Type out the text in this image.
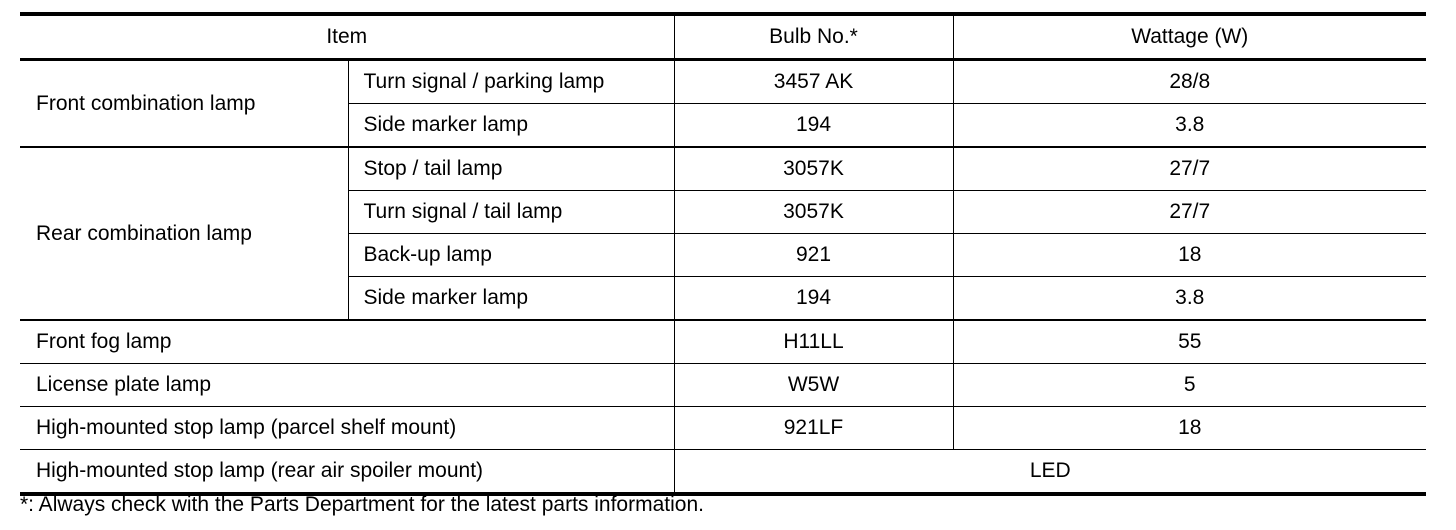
Item		Bulb No.*	Wattage (W)
Front combination lamp	Turn signal / parking lamp	3457 AK	28/8
	Side marker lamp	194	3.8
Rear combination lamp	Stop / tail lamp	3057K	27/7
	Turn signal / tail lamp	3057K	27/7
	Back-up lamp	921	18
	Side marker lamp	194	3.8
Front fog lamp		H11LL	55
License plate lamp		W5W	5
High-mounted stop lamp (parcel shelf mount)		921LF	18
High-mounted stop lamp (rear air spoiler mount)		LED	
*: Always check with the Parts Department for the latest parts information.
